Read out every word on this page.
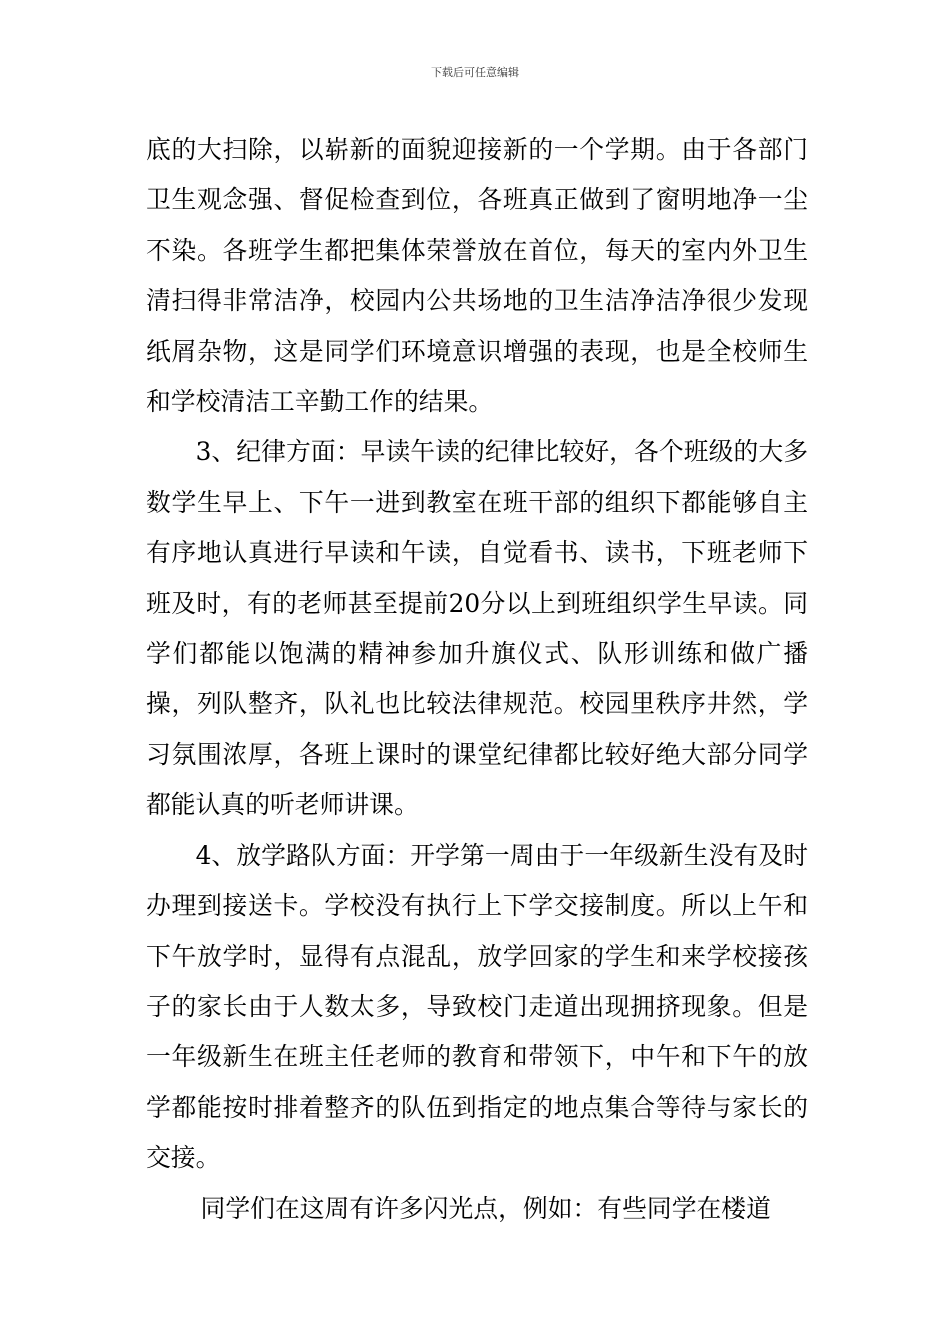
下载后可任意编辑

底的大扫除，以崭新的面貌迎接新的一个学期。由于各部门卫生观念强、督促检查到位，各班真正做到了窗明地净一尘不染。各班学生都把集体荣誉放在首位，每天的室内外卫生清扫得非常洁净，校园内公共场地的卫生洁净洁净很少发现纸屑杂物，这是同学们环境意识增强的表现，也是全校师生和学校清洁工辛勤工作的结果。

3、纪律方面：早读午读的纪律比较好，各个班级的大多数学生早上、下午一进到教室在班干部的组织下都能够自主有序地认真进行早读和午读，自觉看书、读书，下班老师下班及时，有的老师甚至提前20分以上到班组织学生早读。同学们都能以饱满的精神参加升旗仪式、队形训练和做广播操，列队整齐，队礼也比较法律规范。校园里秩序井然，学习氛围浓厚，各班上课时的课堂纪律都比较好绝大部分同学都能认真的听老师讲课。

4、放学路队方面：开学第一周由于一年级新生没有及时办理到接送卡。学校没有执行上下学交接制度。所以上午和下午放学时，显得有点混乱，放学回家的学生和来学校接孩子的家长由于人数太多，导致校门走道出现拥挤现象。但是一年级新生在班主任老师的教育和带领下，中午和下午的放学都能按时排着整齐的队伍到指定的地点集合等待与家长的交接。

同学们在这周有许多闪光点，例如：有些同学在楼道
